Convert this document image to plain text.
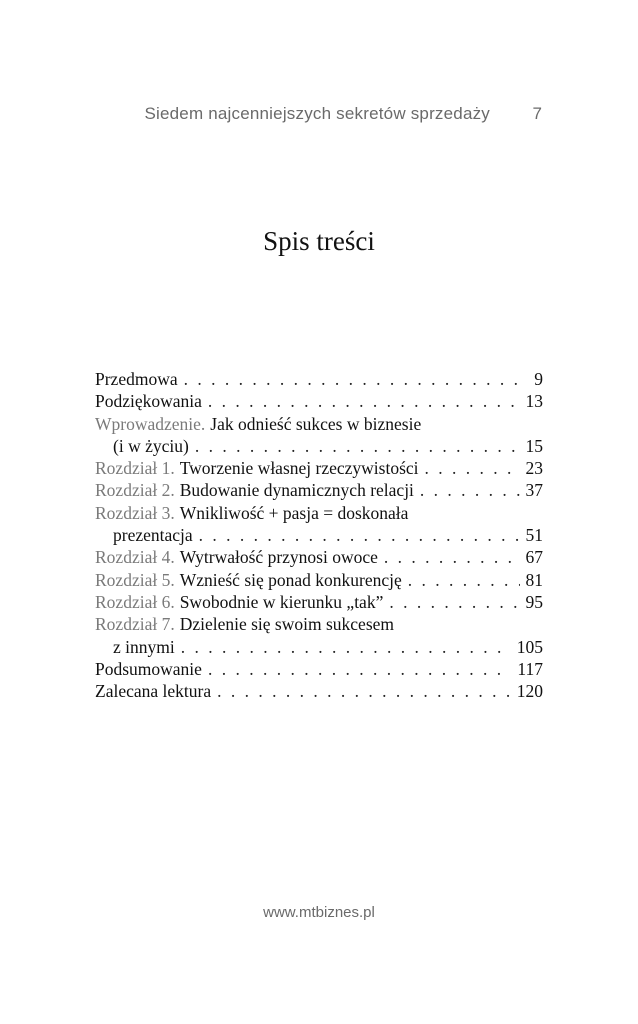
Siedem najcenniejszych sekretów sprzedaży	7
Spis treści
Przedmowa . . .	9
Podziękowania . . .	13
Wprowadzenie. Jak odnieść sukces w biznesie
(i w życiu) . . .	15
Rozdział 1. Tworzenie własnej rzeczywistości . . .	23
Rozdział 2. Budowanie dynamicznych relacji . . .	37
Rozdział 3. Wnikliwość + pasja = doskonała
prezentacja . . .	51
Rozdział 4. Wytrwałość przynosi owoce . . .	67
Rozdział 5. Wznieść się ponad konkurencję . . .	81
Rozdział 6. Swobodnie w kierunku „tak” . . .	95
Rozdział 7. Dzielenie się swoim sukcesem
z innymi . . .	105
Podsumowanie . . .	117
Zalecana lektura . . .	120
www.mtbiznes.pl
